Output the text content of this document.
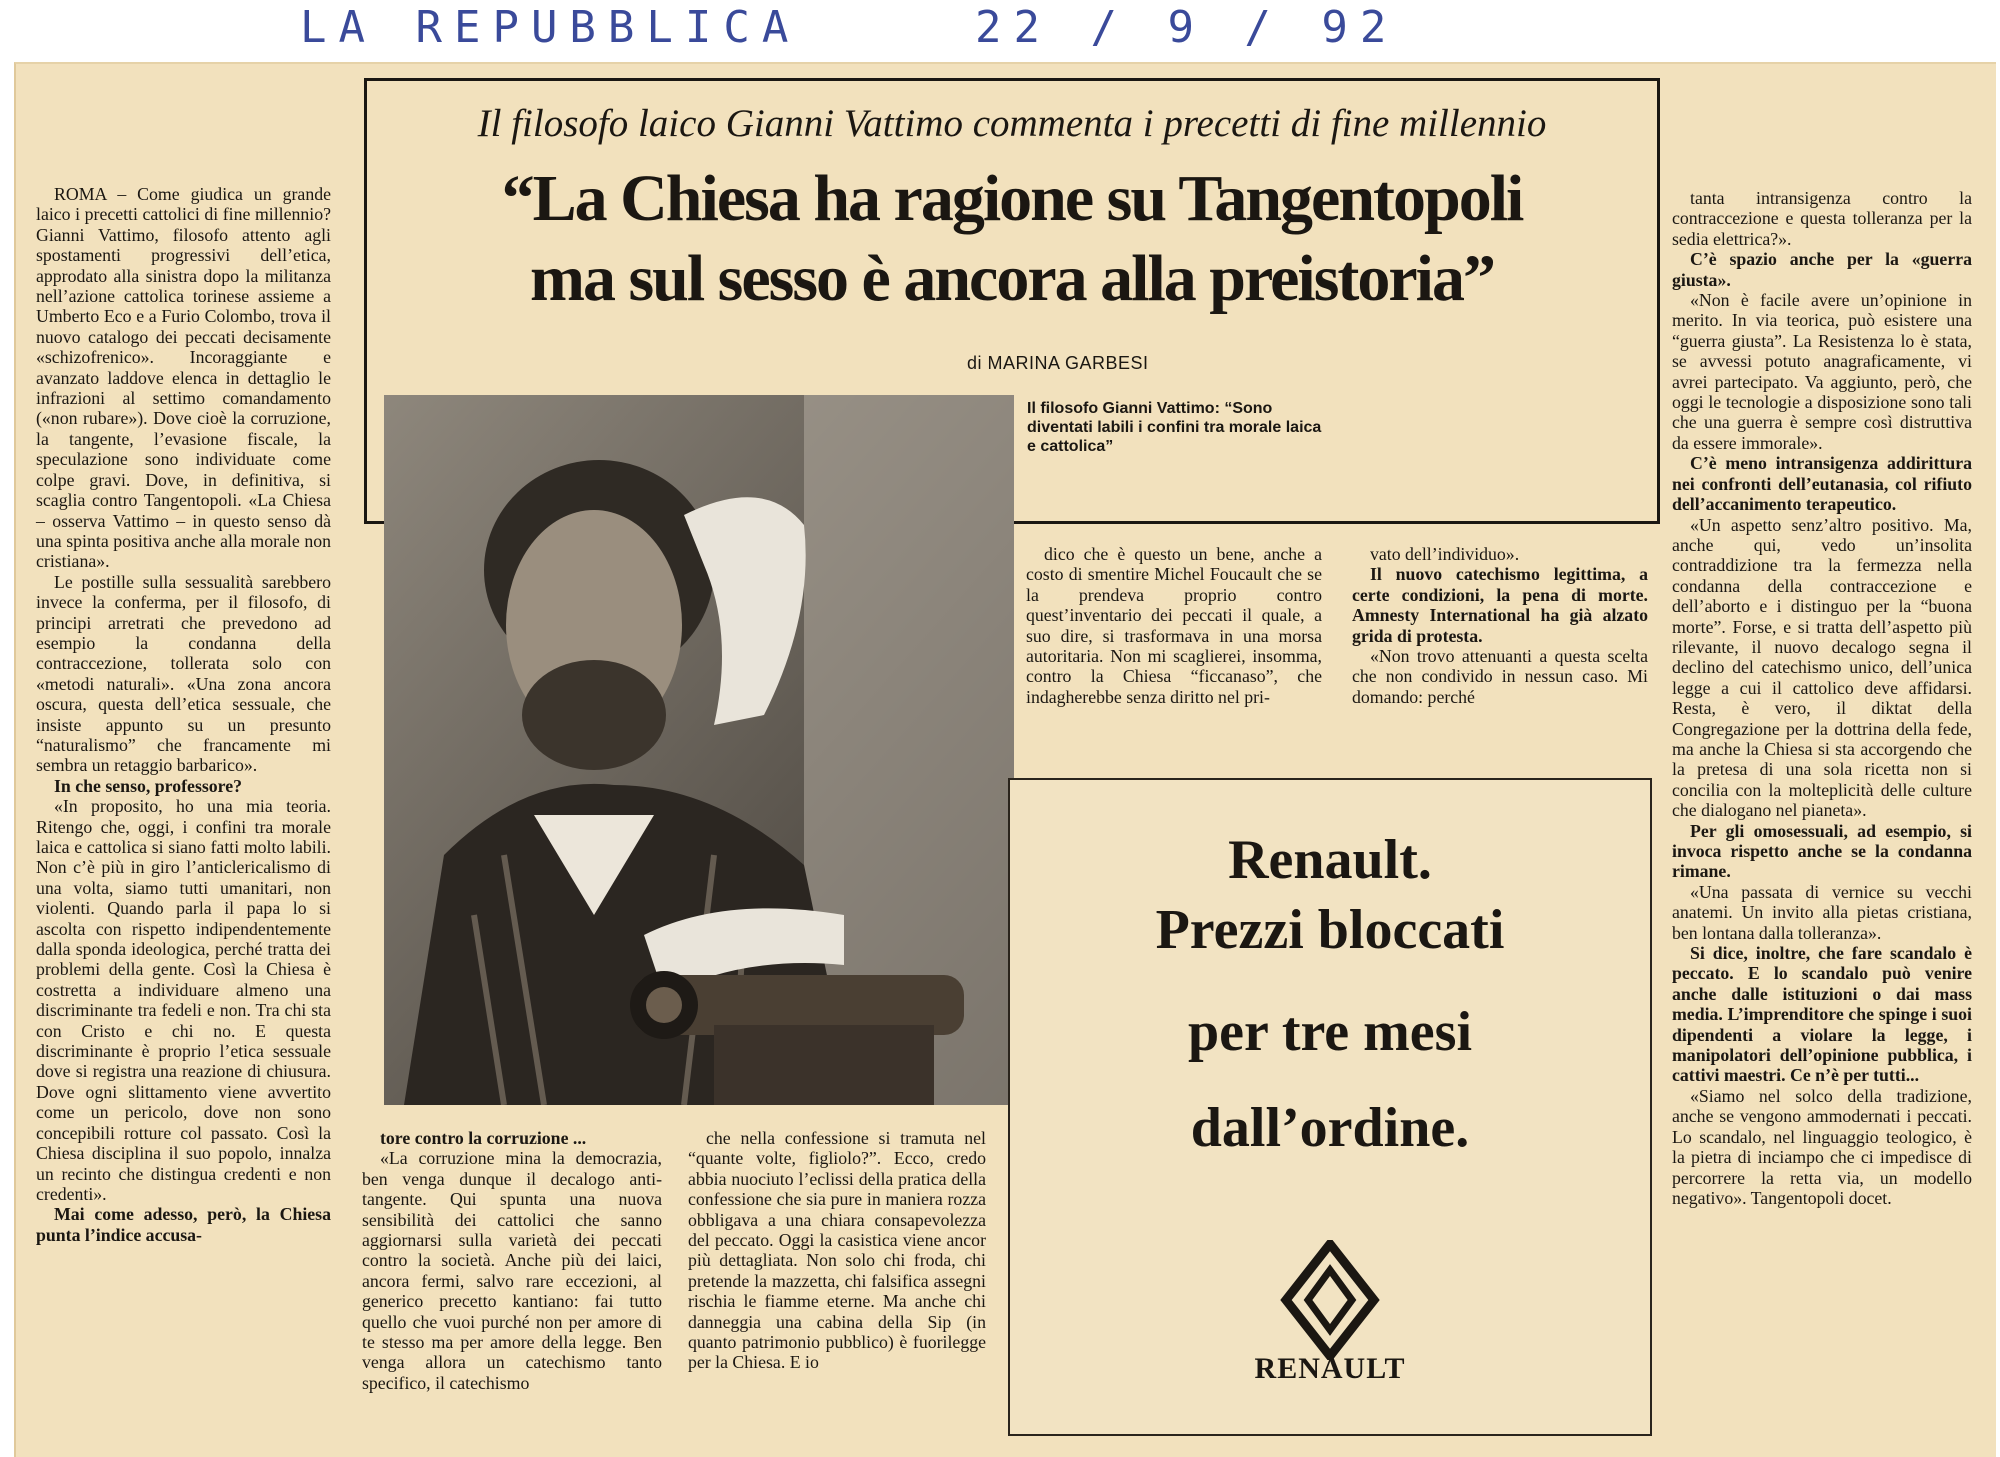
LA REPUBBLICA	22 / 9 / 92
Il filosofo laico Gianni Vattimo commenta i precetti di fine millennio
“La Chiesa ha ragione su Tangentopoli
ma sul sesso è ancora alla preistoria”
di MARINA GARBESI
Il filosofo Gianni Vattimo: “Sono diventati labili i confini tra morale laica e cattolica”

ROMA – Come giudica un grande laico i precetti cattolici di fine millennio? Gianni Vattimo, filosofo attento agli spostamenti progressivi dell’etica, approdato alla sinistra dopo la militanza nell’azione cattolica torinese assieme a Umberto Eco e a Furio Colombo, trova il nuovo catalogo dei peccati decisamente «schizofrenico». Incoraggiante e avanzato laddove elenca in dettaglio le infrazioni al settimo comandamento («non rubare»). Dove cioè la corruzione, la tangente, l’evasione fiscale, la speculazione sono individuate come colpe gravi. Dove, in definitiva, si scaglia contro Tangentopoli. «La Chiesa – osserva Vattimo – in questo senso dà una spinta positiva anche alla morale non cristiana».

Le postille sulla sessualità sarebbero invece la conferma, per il filosofo, di principi arretrati che prevedono ad esempio la condanna della contraccezione, tollerata solo con «metodi naturali». «Una zona ancora oscura, questa dell’etica sessuale, che insiste appunto su un presunto “naturalismo” che francamente mi sembra un retaggio barbarico».

In che senso, professore?

«In proposito, ho una mia teoria. Ritengo che, oggi, i confini tra morale laica e cattolica si siano fatti molto labili. Non c’è più in giro l’anticlericalismo di una volta, siamo tutti umanitari, non violenti. Quando parla il papa lo si ascolta con rispetto indipendentemente dalla sponda ideologica, perché tratta dei problemi della gente. Così la Chiesa è costretta a individuare almeno una discriminante tra fedeli e non. Tra chi sta con Cristo e chi no. E questa discriminante è proprio l’etica sessuale dove si registra una reazione di chiusura. Dove ogni slittamento viene avvertito come un pericolo, dove non sono concepibili rotture col passato. Così la Chiesa disciplina il suo popolo, innalza un recinto che distingua credenti e non credenti».

Mai come adesso, però, la Chiesa punta l’indice accusa-

tore contro la corruzione ...

«La corruzione mina la democrazia, ben venga dunque il decalogo anti-tangente. Qui spunta una nuova sensibilità dei cattolici che sanno aggiornarsi sulla varietà dei peccati contro la società. Anche più dei laici, ancora fermi, salvo rare eccezioni, al generico precetto kantiano: fai tutto quello che vuoi purché non per amore di te stesso ma per amore della legge. Ben venga allora un catechismo tanto specifico, il catechismo

che nella confessione si tramuta nel “quante volte, figliolo?”. Ecco, credo abbia nuociuto l’eclissi della pratica della confessione che sia pure in maniera rozza obbligava a una chiara consapevolezza del peccato. Oggi la casistica viene ancor più dettagliata. Non solo chi froda, chi pretende la mazzetta, chi falsifica assegni rischia le fiamme eterne. Ma anche chi danneggia una cabina della Sip (in quanto patrimonio pubblico) è fuorilegge per la Chiesa. E io

dico che è questo un bene, anche a costo di smentire Michel Foucault che se la prendeva proprio contro quest’inventario dei peccati il quale, a suo dire, si trasformava in una morsa autoritaria. Non mi scaglierei, insomma, contro la Chiesa “ficcanaso”, che indagherebbe senza diritto nel pri-

vato dell’individuo».

Il nuovo catechismo legittima, a certe condizioni, la pena di morte. Amnesty International ha già alzato grida di protesta.

«Non trovo attenuanti a questa scelta che non condivido in nessun caso. Mi domando: perché

tanta intransigenza contro la contraccezione e questa tolleranza per la sedia elettrica?».

C’è spazio anche per la «guerra giusta».

«Non è facile avere un’opinione in merito. In via teorica, può esistere una “guerra giusta”. La Resistenza lo è stata, se avvessi potuto anagraficamente, vi avrei partecipato. Va aggiunto, però, che oggi le tecnologie a disposizione sono tali che una guerra è sempre così distruttiva da essere immorale».

C’è meno intransigenza addirittura nei confronti dell’eutanasia, col rifiuto dell’accanimento terapeutico.

«Un aspetto senz’altro positivo. Ma, anche qui, vedo un’insolita contraddizione tra la fermezza nella condanna della contraccezione e dell’aborto e i distinguo per la “buona morte”. Forse, e si tratta dell’aspetto più rilevante, il nuovo decalogo segna il declino del catechismo unico, dell’unica legge a cui il cattolico deve affidarsi. Resta, è vero, il diktat della Congregazione per la dottrina della fede, ma anche la Chiesa si sta accorgendo che la pretesa di una sola ricetta non si concilia con la molteplicità delle culture che dialogano nel pianeta».

Per gli omosessuali, ad esempio, si invoca rispetto anche se la condanna rimane.

«Una passata di vernice su vecchi anatemi. Un invito alla pietas cristiana, ben lontana dalla tolleranza».

Si dice, inoltre, che fare scandalo è peccato. E lo scandalo può venire anche dalle istituzioni o dai mass media. L’imprenditore che spinge i suoi dipendenti a violare la legge, i manipolatori dell’opinione pubblica, i cattivi maestri. Ce n’è per tutti...

«Siamo nel solco della tradizione, anche se vengono ammodernati i peccati. Lo scandalo, nel linguaggio teologico, è la pietra di inciampo che ci impedisce di percorrere la retta via, un modello negativo». Tangentopoli docet.

Renault.
Prezzi bloccati
per tre mesi
dall’ordine.
RENAULT
